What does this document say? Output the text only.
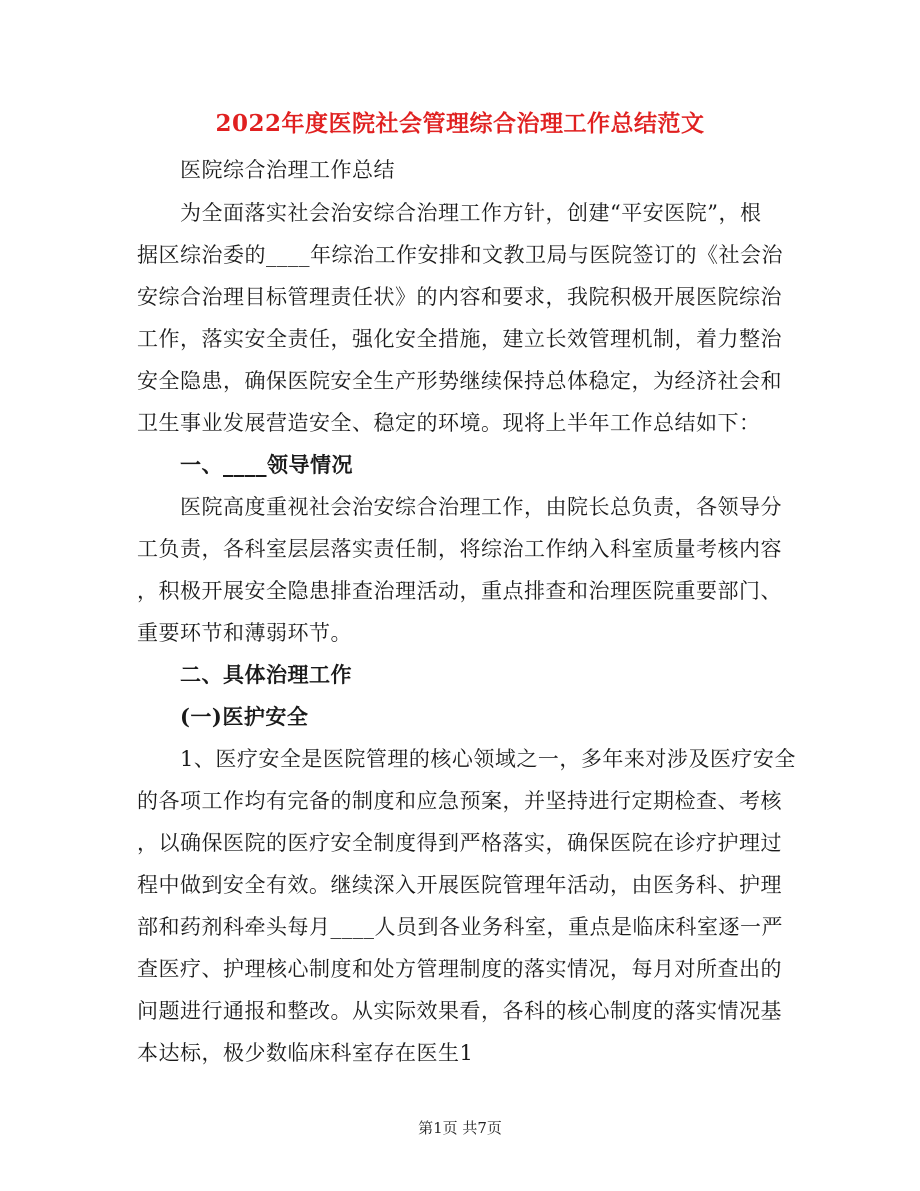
2022年度医院社会管理综合治理工作总结范文
医院综合治理工作总结
为全面落实社会治安综合治理工作方针，创建“平安医院”，根
据区综治委的____年综治工作安排和文教卫局与医院签订的《社会治
安综合治理目标管理责任状》的内容和要求，我院积极开展医院综治
工作，落实安全责任，强化安全措施，建立长效管理机制，着力整治
安全隐患，确保医院安全生产形势继续保持总体稳定，为经济社会和
卫生事业发展营造安全、稳定的环境。现将上半年工作总结如下：
一、____领导情况
医院高度重视社会治安综合治理工作，由院长总负责，各领导分
工负责，各科室层层落实责任制，将综治工作纳入科室质量考核内容
，积极开展安全隐患排查治理活动，重点排查和治理医院重要部门、
重要环节和薄弱环节。
二、具体治理工作
(一)医护安全
1、医疗安全是医院管理的核心领域之一，多年来对涉及医疗安全
的各项工作均有完备的制度和应急预案，并坚持进行定期检查、考核
，以确保医院的医疗安全制度得到严格落实，确保医院在诊疗护理过
程中做到安全有效。继续深入开展医院管理年活动，由医务科、护理
部和药剂科牵头每月____人员到各业务科室，重点是临床科室逐一严
查医疗、护理核心制度和处方管理制度的落实情况，每月对所查出的
问题进行通报和整改。从实际效果看，各科的核心制度的落实情况基
本达标，极少数临床科室存在医生1
第1页 共7页
